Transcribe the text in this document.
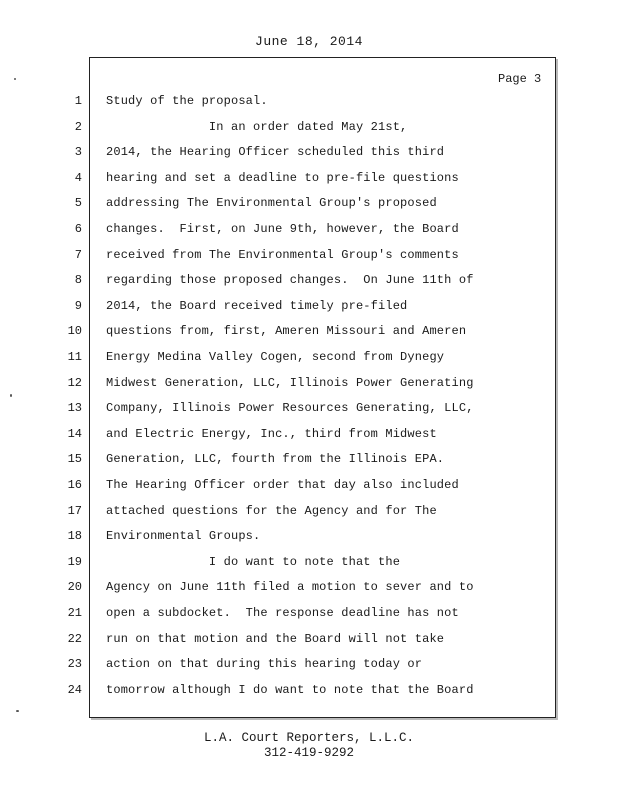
June 18, 2014
Page 3
1 Study of the proposal.
2 In an order dated May 21st,
3 2014, the Hearing Officer scheduled this third
4 hearing and set a deadline to pre-file questions
5 addressing The Environmental Group's proposed
6 changes.  First, on June 9th, however, the Board
7 received from The Environmental Group's comments
8 regarding those proposed changes.  On June 11th of
9 2014, the Board received timely pre-filed
10 questions from, first, Ameren Missouri and Ameren
11 Energy Medina Valley Cogen, second from Dynegy
12 Midwest Generation, LLC, Illinois Power Generating
13 Company, Illinois Power Resources Generating, LLC,
14 and Electric Energy, Inc., third from Midwest
15 Generation, LLC, fourth from the Illinois EPA.
16 The Hearing Officer order that day also included
17 attached questions for the Agency and for The
18 Environmental Groups.
19 I do want to note that the
20 Agency on June 11th filed a motion to sever and to
21 open a subdocket.  The response deadline has not
22 run on that motion and the Board will not take
23 action on that during this hearing today or
24 tomorrow although I do want to note that the Board
L.A. Court Reporters, L.L.C.
312-419-9292
